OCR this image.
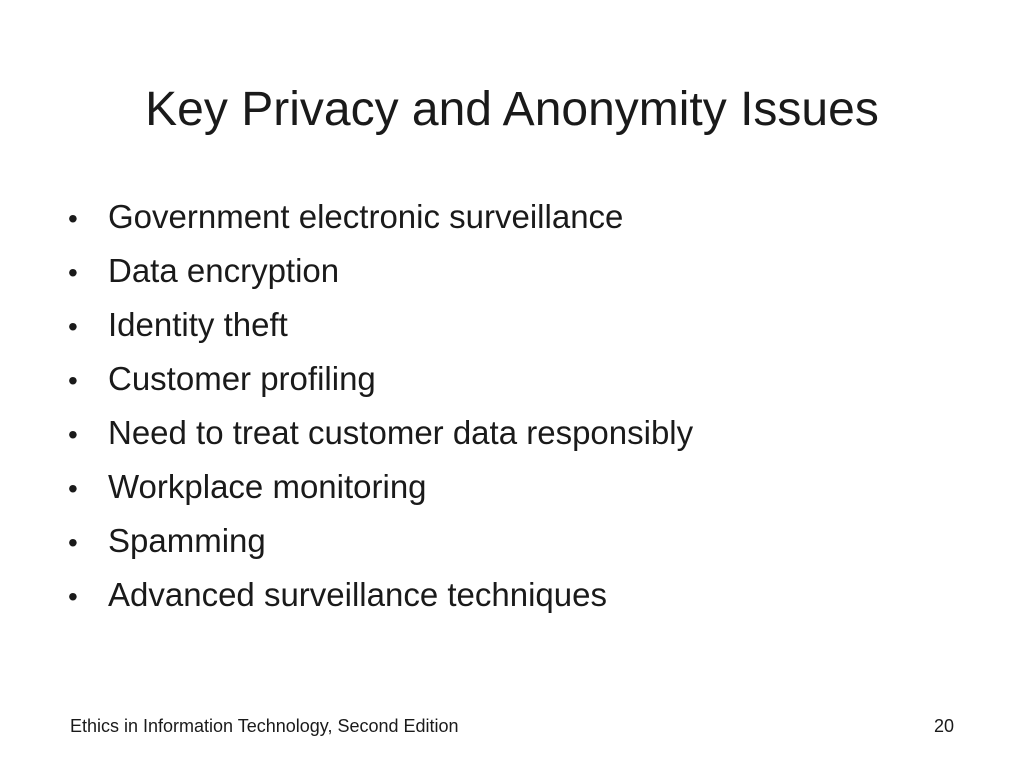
Key Privacy and Anonymity Issues
• Government electronic surveillance
• Data encryption
• Identity theft
• Customer profiling
• Need to treat customer data responsibly
• Workplace monitoring
• Spamming
• Advanced surveillance techniques
Ethics in Information Technology, Second Edition	20
